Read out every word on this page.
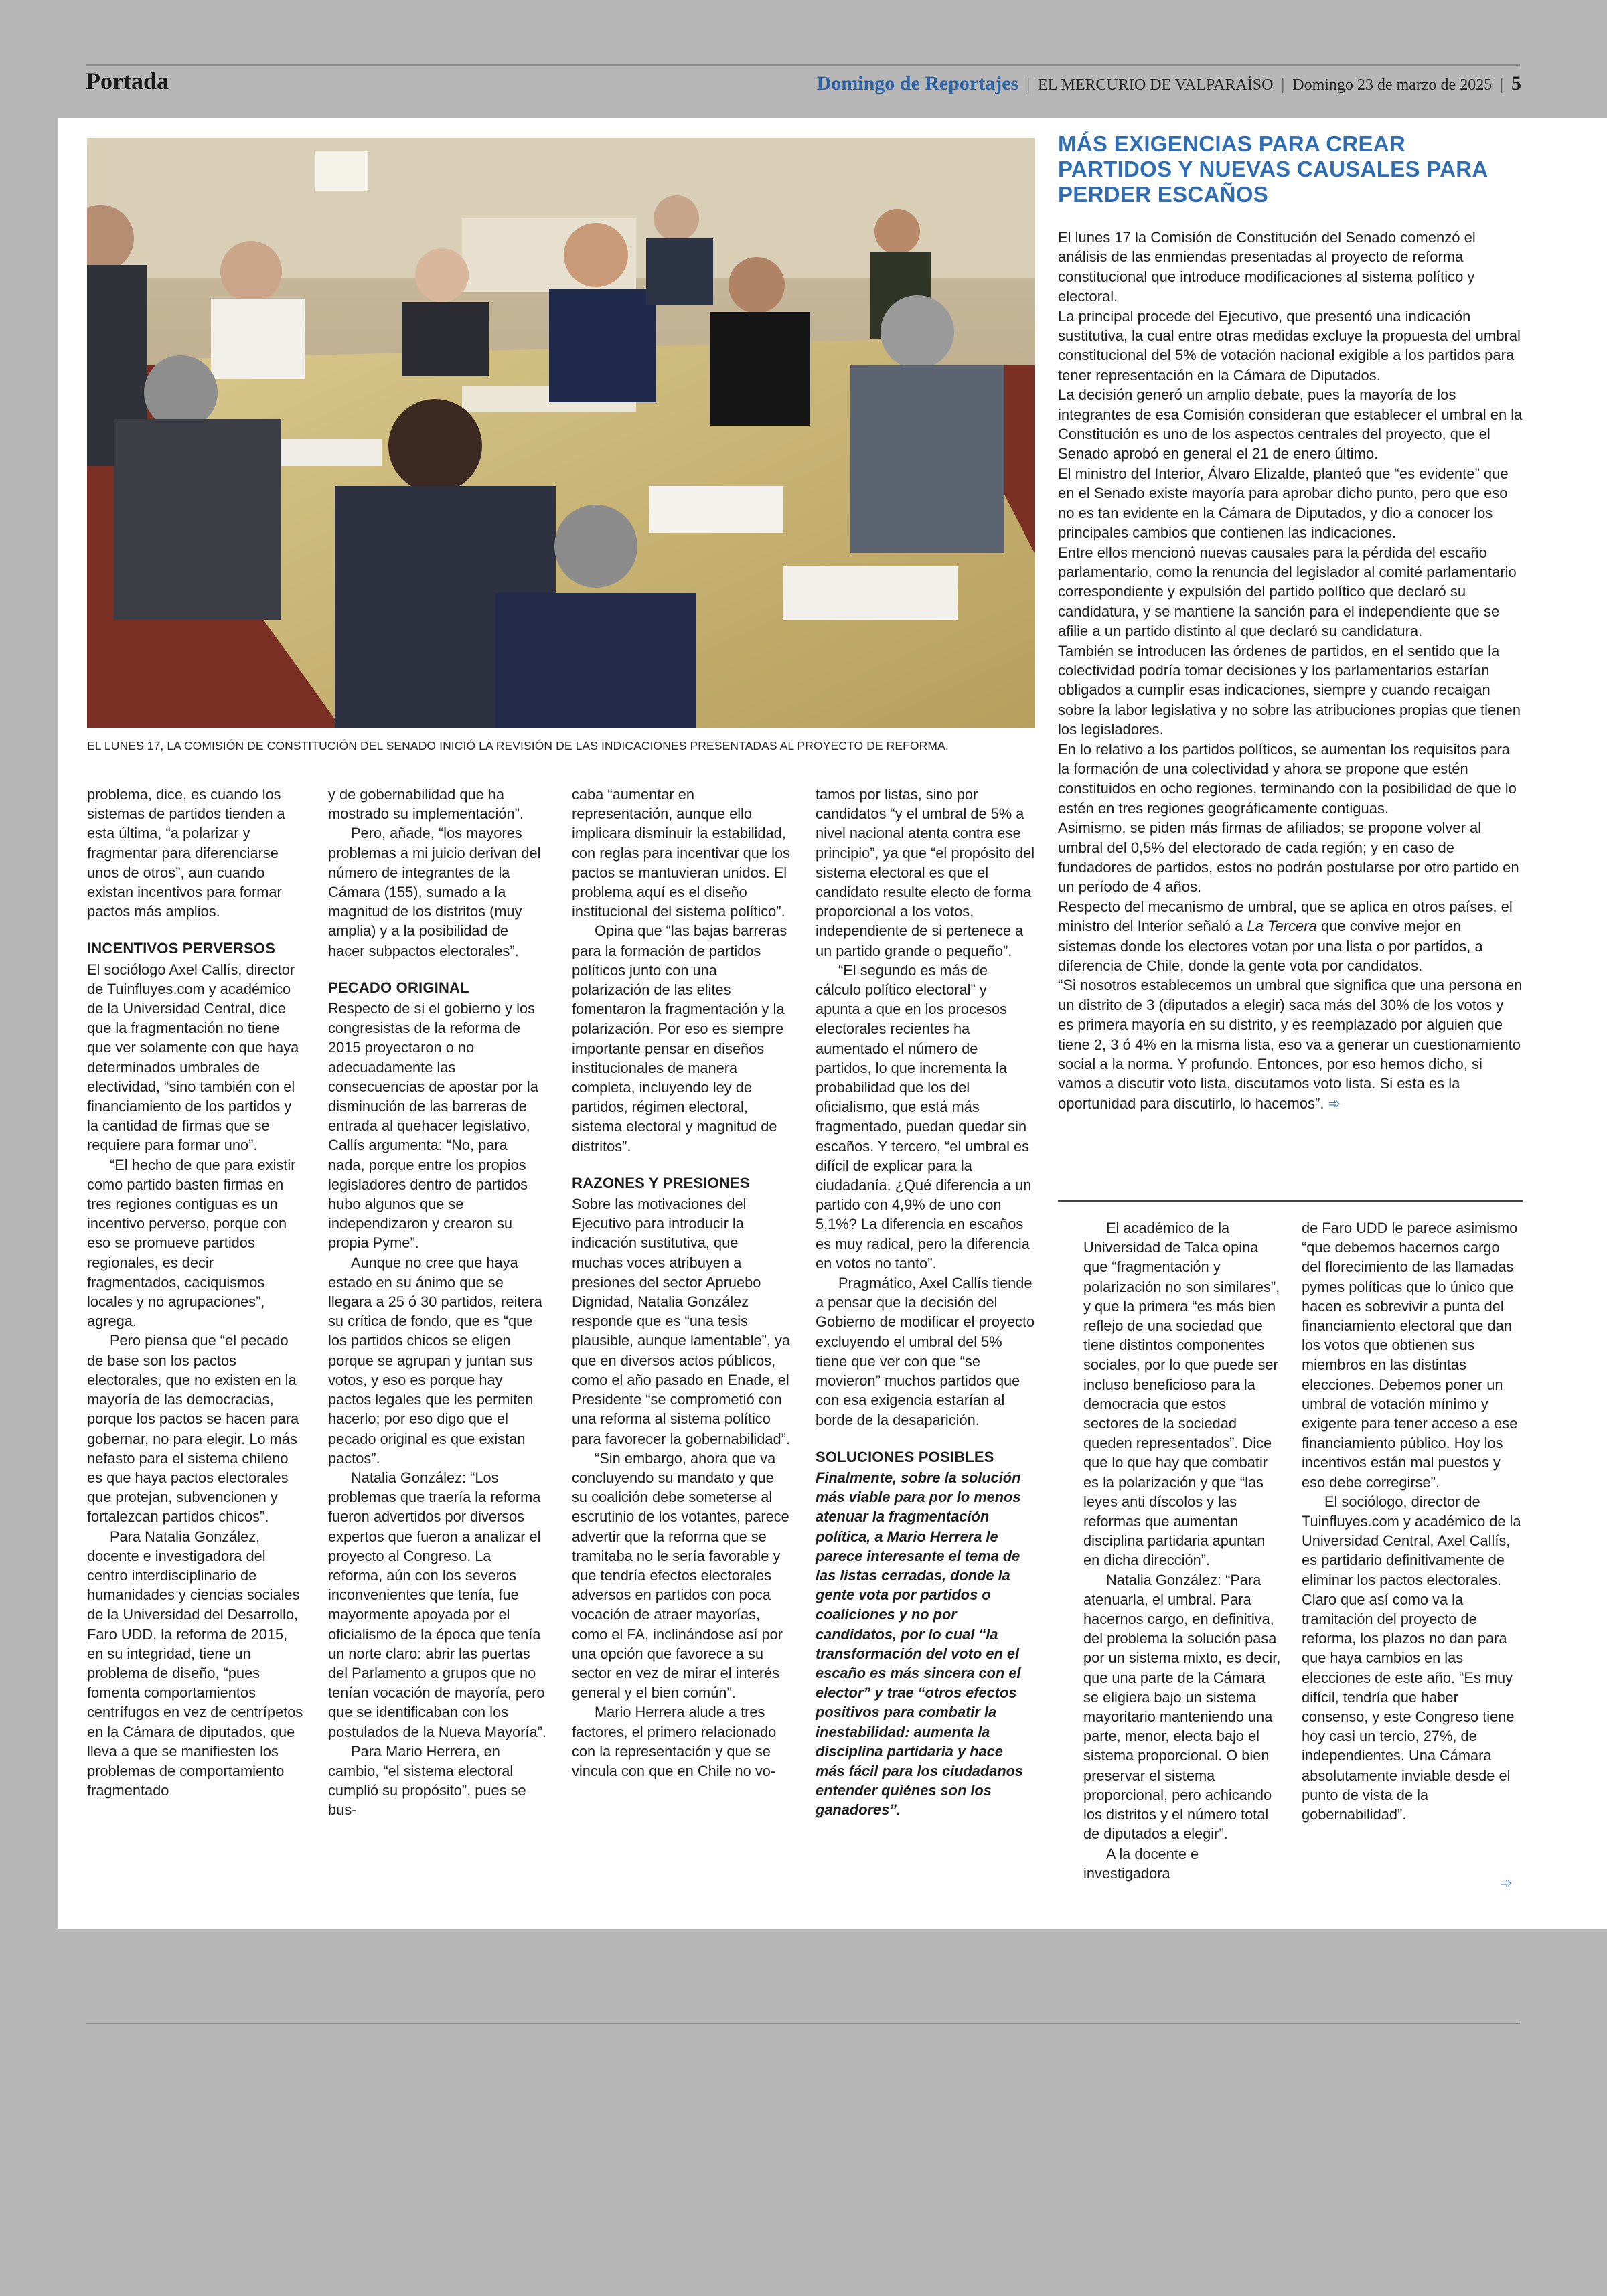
Portada	Domingo de Reportajes | EL MERCURIO DE VALPARAÍSO | Domingo 23 de marzo de 2025 | 5
EL LUNES 17, LA COMISIÓN DE CONSTITUCIÓN DEL SENADO INICIÓ LA REVISIÓN DE LAS INDICACIONES PRESENTADAS AL PROYECTO DE REFORMA.

problema, dice, es cuando los sistemas de partidos tienden a esta última, “a polarizar y fragmentar para diferenciarse unos de otros”, aun cuando existan incentivos para formar pactos más amplios.

INCENTIVOS PERVERSOS

El sociólogo Axel Callís, director de Tuinfluyes.com y académico de la Universidad Central, dice que la fragmentación no tiene que ver solamente con que haya determinados umbrales de electividad, “sino también con el financiamiento de los partidos y la cantidad de firmas que se requiere para formar uno”.

“El hecho de que para existir como partido basten firmas en tres regiones contiguas es un incentivo perverso, porque con eso se promueve partidos regionales, es decir fragmentados, caciquismos locales y no agrupaciones”, agrega.

Pero piensa que “el pecado de base son los pactos electorales, que no existen en la mayoría de las democracias, porque los pactos se hacen para gobernar, no para elegir. Lo más nefasto para el sistema chileno es que haya pactos electorales que protejan, subvencionen y fortalezcan partidos chicos”.

Para Natalia González, docente e investigadora del centro interdisciplinario de humanidades y ciencias sociales de la Universidad del Desarrollo, Faro UDD, la reforma de 2015, en su integridad, tiene un problema de diseño, “pues fomenta comportamientos centrífugos en vez de centrípetos en la Cámara de diputados, que lleva a que se manifiesten los problemas de comportamiento fragmentado

y de gobernabilidad que ha mostrado su implementación”.

Pero, añade, “los mayores problemas a mi juicio derivan del número de integrantes de la Cámara (155), sumado a la magnitud de los distritos (muy amplia) y a la posibilidad de hacer subpactos electorales”.

PECADO ORIGINAL

Respecto de si el gobierno y los congresistas de la reforma de 2015 proyectaron o no adecuadamente las consecuencias de apostar por la disminución de las barreras de entrada al quehacer legislativo, Callís argumenta: “No, para nada, porque entre los propios legisladores dentro de partidos hubo algunos que se independizaron y crearon su propia Pyme”.

Aunque no cree que haya estado en su ánimo que se llegara a 25 ó 30 partidos, reitera su crítica de fondo, que es “que los partidos chicos se eligen porque se agrupan y juntan sus votos, y eso es porque hay pactos legales que les permiten hacerlo; por eso digo que el pecado original es que existan pactos”.

Natalia González: “Los problemas que traería la reforma fueron advertidos por diversos expertos que fueron a analizar el proyecto al Congreso. La reforma, aún con los severos inconvenientes que tenía, fue mayormente apoyada por el oficialismo de la época que tenía un norte claro: abrir las puertas del Parlamento a grupos que no tenían vocación de mayoría, pero que se identificaban con los postulados de la Nueva Mayoría”.

Para Mario Herrera, en cambio, “el sistema electoral cumplió su propósito”, pues se bus-

caba “aumentar en representación, aunque ello implicara disminuir la estabilidad, con reglas para incentivar que los pactos se mantuvieran unidos. El problema aquí es el diseño institucional del sistema político”.

Opina que “las bajas barreras para la formación de partidos políticos junto con una polarización de las elites fomentaron la fragmentación y la polarización. Por eso es siempre importante pensar en diseños institucionales de manera completa, incluyendo ley de partidos, régimen electoral, sistema electoral y magnitud de distritos”.

RAZONES Y PRESIONES

Sobre las motivaciones del Ejecutivo para introducir la indicación sustitutiva, que muchas voces atribuyen a presiones del sector Apruebo Dignidad, Natalia González responde que es “una tesis plausible, aunque lamentable”, ya que en diversos actos públicos, como el año pasado en Enade, el Presidente “se comprometió con una reforma al sistema político para favorecer la gobernabilidad”.

“Sin embargo, ahora que va concluyendo su mandato y que su coalición debe someterse al escrutinio de los votantes, parece advertir que la reforma que se tramitaba no le sería favorable y que tendría efectos electorales adversos en partidos con poca vocación de atraer mayorías, como el FA, inclinándose así por una opción que favorece a su sector en vez de mirar el interés general y el bien común”.

Mario Herrera alude a tres factores, el primero relacionado con la representación y que se vincula con que en Chile no vo-

tamos por listas, sino por candidatos “y el umbral de 5% a nivel nacional atenta contra ese principio”, ya que “el propósito del sistema electoral es que el candidato resulte electo de forma proporcional a los votos, independiente de si pertenece a un partido grande o pequeño”.

“El segundo es más de cálculo político electoral” y apunta a que en los procesos electorales recientes ha aumentado el número de partidos, lo que incrementa la probabilidad que los del oficialismo, que está más fragmentado, puedan quedar sin escaños. Y tercero, “el umbral es difícil de explicar para la ciudadanía. ¿Qué diferencia a un partido con 4,9% de uno con 5,1%? La diferencia en escaños es muy radical, pero la diferencia en votos no tanto”.

Pragmático, Axel Callís tiende a pensar que la decisión del Gobierno de modificar el proyecto excluyendo el umbral del 5% tiene que ver con que “se movieron” muchos partidos que con esa exigencia estarían al borde de la desaparición.

SOLUCIONES POSIBLES

Finalmente, sobre la solución más viable para por lo menos atenuar la fragmentación política, a Mario Herrera le parece interesante el tema de las listas cerradas, donde la gente vota por partidos o coaliciones y no por candidatos, por lo cual “la transformación del voto en el escaño es más sincera con el elector” y trae “otros efectos positivos para combatir la inestabilidad: aumenta la disciplina partidaria y hace más fácil para los ciudadanos entender quiénes son los ganadores”.

MÁS EXIGENCIAS PARA CREAR PARTIDOS Y NUEVAS CAUSALES PARA PERDER ESCAÑOS

El lunes 17 la Comisión de Constitución del Senado comenzó el análisis de las enmiendas presentadas al proyecto de reforma constitucional que introduce modificaciones al sistema político y electoral.

La principal procede del Ejecutivo, que presentó una indicación sustitutiva, la cual entre otras medidas excluye la propuesta del umbral constitucional del 5% de votación nacional exigible a los partidos para tener representación en la Cámara de Diputados.

La decisión generó un amplio debate, pues la mayoría de los integrantes de esa Comisión consideran que establecer el umbral en la Constitución es uno de los aspectos centrales del proyecto, que el Senado aprobó en general el 21 de enero último.

El ministro del Interior, Álvaro Elizalde, planteó que “es evidente” que en el Senado existe mayoría para aprobar dicho punto, pero que eso no es tan evidente en la Cámara de Diputados, y dio a conocer los principales cambios que contienen las indicaciones.

Entre ellos mencionó nuevas causales para la pérdida del escaño parlamentario, como la renuncia del legislador al comité parlamentario correspondiente y expulsión del partido político que declaró su candidatura, y se mantiene la sanción para el independiente que se afilie a un partido distinto al que declaró su candidatura.

También se introducen las órdenes de partidos, en el sentido que la colectividad podría tomar decisiones y los parlamentarios estarían obligados a cumplir esas indicaciones, siempre y cuando recaigan sobre la labor legislativa y no sobre las atribuciones propias que tienen los legisladores.

En lo relativo a los partidos políticos, se aumentan los requisitos para la formación de una colectividad y ahora se propone que estén constituidos en ocho regiones, terminando con la posibilidad de que lo estén en tres regiones geográficamente contiguas.

Asimismo, se piden más firmas de afiliados; se propone volver al umbral del 0,5% del electorado de cada región; y en caso de fundadores de partidos, estos no podrán postularse por otro partido en un período de 4 años.

Respecto del mecanismo de umbral, que se aplica en otros países, el ministro del Interior señaló a La Tercera que convive mejor en sistemas donde los electores votan por una lista o por partidos, a diferencia de Chile, donde la gente vota por candidatos.

“Si nosotros establecemos un umbral que significa que una persona en un distrito de 3 (diputados a elegir) saca más del 30% de los votos y es primera mayoría en su distrito, y es reemplazado por alguien que tiene 2, 3 ó 4% en la misma lista, eso va a generar un cuestionamiento social a la norma. Y profundo. Entonces, por eso hemos dicho, si vamos a discutir voto lista, discutamos voto lista. Si esta es la oportunidad para discutirlo, lo hacemos”. ➾

El académico de la Universidad de Talca opina que “fragmentación y polarización no son similares”, y que la primera “es más bien reflejo de una sociedad que tiene distintos componentes sociales, por lo que puede ser incluso beneficioso para la democracia que estos sectores de la sociedad queden representados”. Dice que lo que hay que combatir es la polarización y que “las leyes anti díscolos y las reformas que aumentan disciplina partidaria apuntan en dicha dirección”.

Natalia González: “Para atenuarla, el umbral. Para hacernos cargo, en definitiva, del problema la solución pasa por un sistema mixto, es decir, que una parte de la Cámara se eligiera bajo un sistema mayoritario manteniendo una parte, menor, electa bajo el sistema proporcional. O bien preservar el sistema proporcional, pero achicando los distritos y el número total de diputados a elegir”.

A la docente e investigadora

de Faro UDD le parece asimismo “que debemos hacernos cargo del florecimiento de las llamadas pymes políticas que lo único que hacen es sobrevivir a punta del financiamiento electoral que dan los votos que obtienen sus miembros en las distintas elecciones. Debemos poner un umbral de votación mínimo y exigente para tener acceso a ese financiamiento público. Hoy los incentivos están mal puestos y eso debe corregirse”.

El sociólogo, director de Tuinfluyes.com y académico de la Universidad Central, Axel Callís, es partidario definitivamente de eliminar los pactos electorales. Claro que así como va la tramitación del proyecto de reforma, los plazos no dan para que haya cambios en las elecciones de este año. “Es muy difícil, tendría que haber consenso, y este Congreso tiene hoy casi un tercio, 27%, de independientes. Una Cámara absolutamente inviable desde el punto de vista de la gobernabilidad”.

➾
